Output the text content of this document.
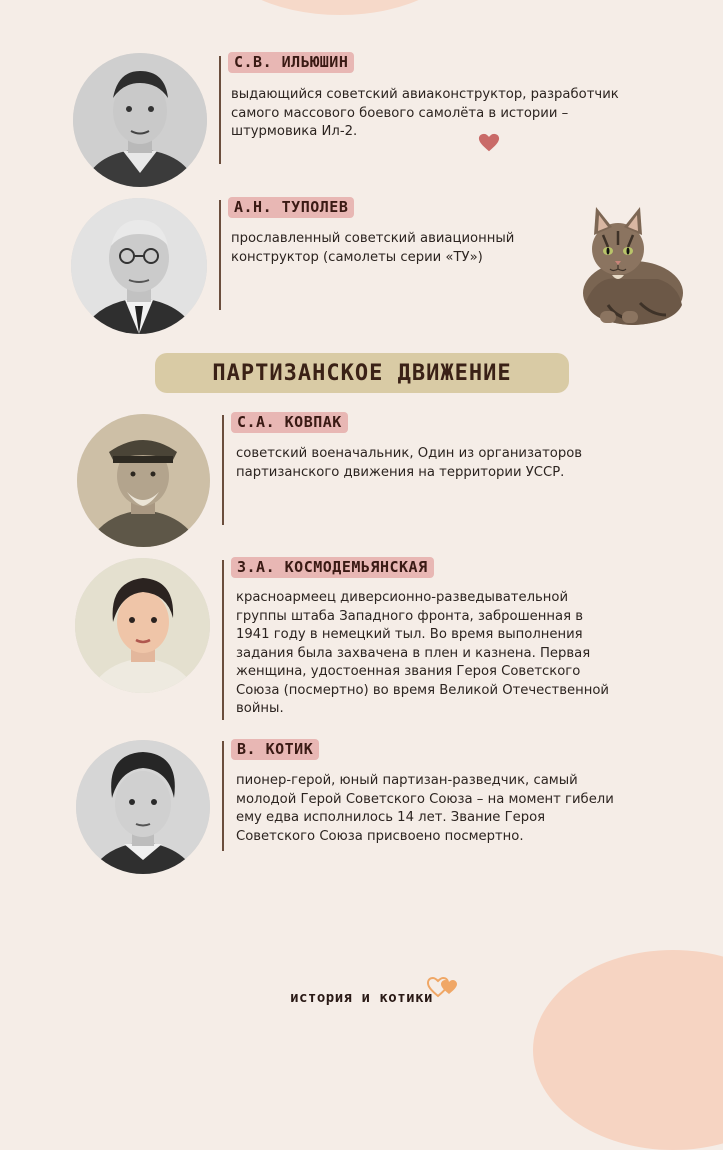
С.В. ИЛЬЮШИН
выдающийся советский авиаконструктор, разработчик самого массового боевого самолёта в истории – штурмовика Ил-2.
А.Н. ТУПОЛЕВ
прославленный советский авиационный конструктор (самолеты серии «ТУ»)
ПАРТИЗАНСКОЕ ДВИЖЕНИЕ
С.А. КОВПАК
советский военачальник, Один из организаторов партизанского движения на территории УССР.
З.А. КОСМОДЕМЬЯНСКАЯ
красноармеец диверсионно-разведывательной группы штаба Западного фронта, заброшенная в 1941 году в немецкий тыл. Во время выполнения задания была захвачена в плен и казнена. Первая женщина, удостоенная звания Героя Советского Союза (посмертно) во время Великой Отечественной войны.
В. КОТИК
пионер-герой, юный партизан-разведчик, самый молодой Герой Советского Союза – на момент гибели ему едва исполнилось 14 лет. Звание Героя Советского Союза присвоено посмертно.
история и котики
